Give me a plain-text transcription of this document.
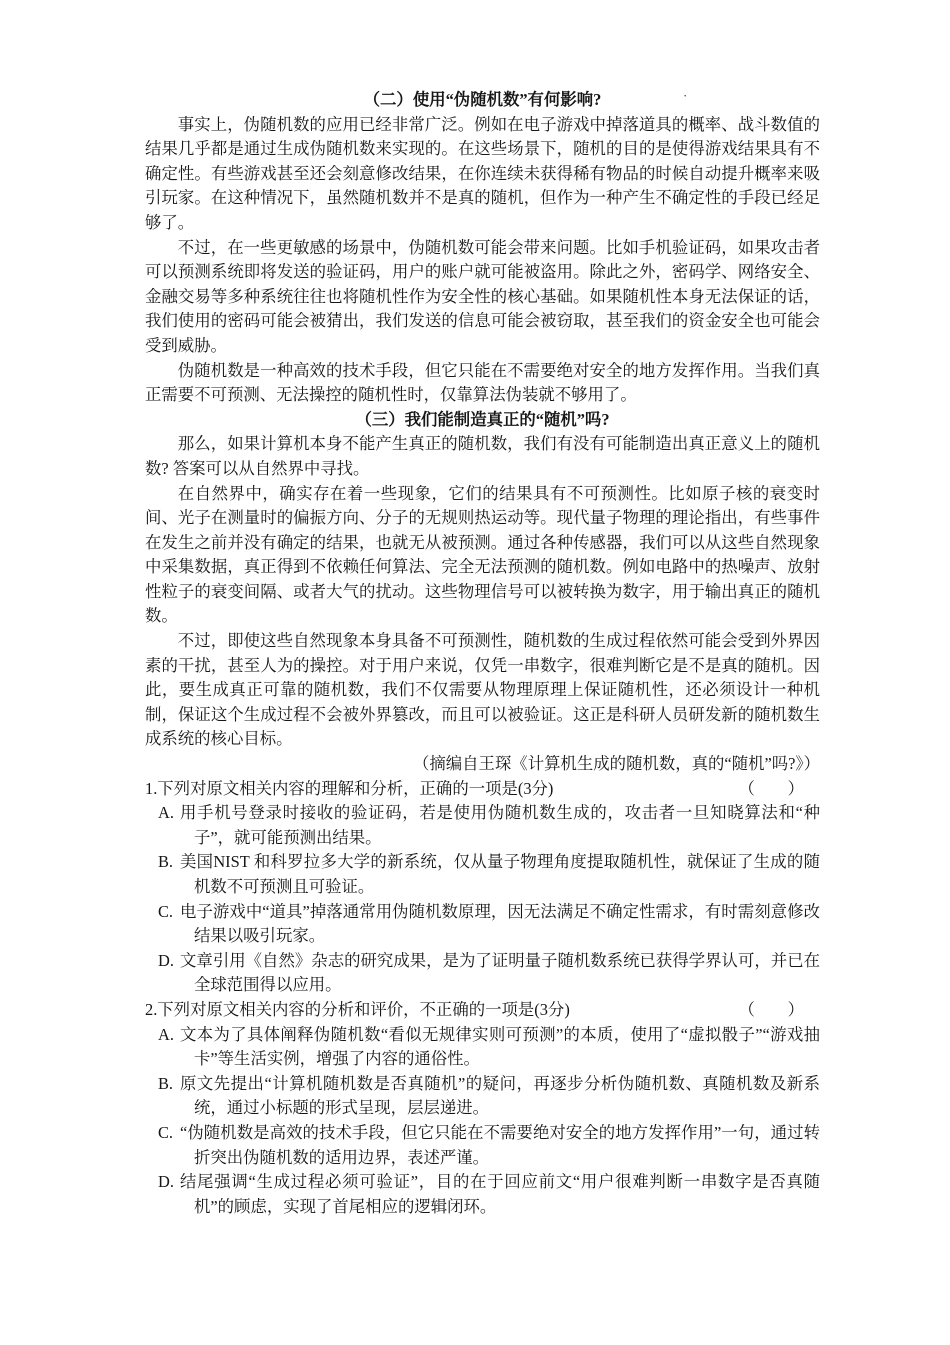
·
（二）使用“伪随机数”有何影响?
事实上，伪随机数的应用已经非常广泛。例如在电子游戏中掉落道具的概率、战斗数值的结果几乎都是通过生成伪随机数来实现的。在这些场景下，随机的目的是使得游戏结果具有不确定性。有些游戏甚至还会刻意修改结果，在你连续未获得稀有物品的时候自动提升概率来吸引玩家。在这种情况下，虽然随机数并不是真的随机，但作为一种产生不确定性的手段已经足够了。
不过，在一些更敏感的场景中，伪随机数可能会带来问题。比如手机验证码，如果攻击者可以预测系统即将发送的验证码，用户的账户就可能被盗用。除此之外，密码学、网络安全、金融交易等多种系统往往也将随机性作为安全性的核心基础。如果随机性本身无法保证的话，我们使用的密码可能会被猜出，我们发送的信息可能会被窃取，甚至我们的资金安全也可能会受到威胁。
伪随机数是一种高效的技术手段，但它只能在不需要绝对安全的地方发挥作用。当我们真正需要不可预测、无法操控的随机性时，仅靠算法伪装就不够用了。
（三）我们能制造真正的“随机”吗?
那么，如果计算机本身不能产生真正的随机数，我们有没有可能制造出真正意义上的随机数? 答案可以从自然界中寻找。
在自然界中，确实存在着一些现象，它们的结果具有不可预测性。比如原子核的衰变时间、光子在测量时的偏振方向、分子的无规则热运动等。现代量子物理的理论指出，有些事件在发生之前并没有确定的结果，也就无从被预测。通过各种传感器，我们可以从这些自然现象中采集数据，真正得到不依赖任何算法、完全无法预测的随机数。例如电路中的热噪声、放射性粒子的衰变间隔、或者大气的扰动。这些物理信号可以被转换为数字，用于输出真正的随机数。
不过，即使这些自然现象本身具备不可预测性，随机数的生成过程依然可能会受到外界因素的干扰，甚至人为的操控。对于用户来说，仅凭一串数字，很难判断它是不是真的随机。因此，要生成真正可靠的随机数，我们不仅需要从物理原理上保证随机性，还必须设计一种机制，保证这个生成过程不会被外界篡改，而且可以被验证。这正是科研人员研发新的随机数生成系统的核心目标。
（摘编自王琛《计算机生成的随机数，真的“随机”吗?》）
1. 下列对原文相关内容的理解和分析，正确的一项是(3分)	（　　）
A. 用手机号登录时接收的验证码，若是使用伪随机数生成的，攻击者一旦知晓算法和“种子”，就可能预测出结果。
B. 美国NIST 和科罗拉多大学的新系统，仅从量子物理角度提取随机性，就保证了生成的随机数不可预测且可验证。
C. 电子游戏中“道具”掉落通常用伪随机数原理，因无法满足不确定性需求，有时需刻意修改结果以吸引玩家。
D. 文章引用《自然》杂志的研究成果，是为了证明量子随机数系统已获得学界认可，并已在全球范围得以应用。
2. 下列对原文相关内容的分析和评价，不正确的一项是(3分)	（　　）
A. 文本为了具体阐释伪随机数“看似无规律实则可预测”的本质，使用了“虚拟骰子”“游戏抽卡”等生活实例，增强了内容的通俗性。
B. 原文先提出“计算机随机数是否真随机”的疑问，再逐步分析伪随机数、真随机数及新系统，通过小标题的形式呈现，层层递进。
C. “伪随机数是高效的技术手段，但它只能在不需要绝对安全的地方发挥作用”一句，通过转折突出伪随机数的适用边界，表述严谨。
D. 结尾强调“生成过程必须可验证”，目的在于回应前文“用户很难判断一串数字是否真随机”的顾虑，实现了首尾相应的逻辑闭环。
